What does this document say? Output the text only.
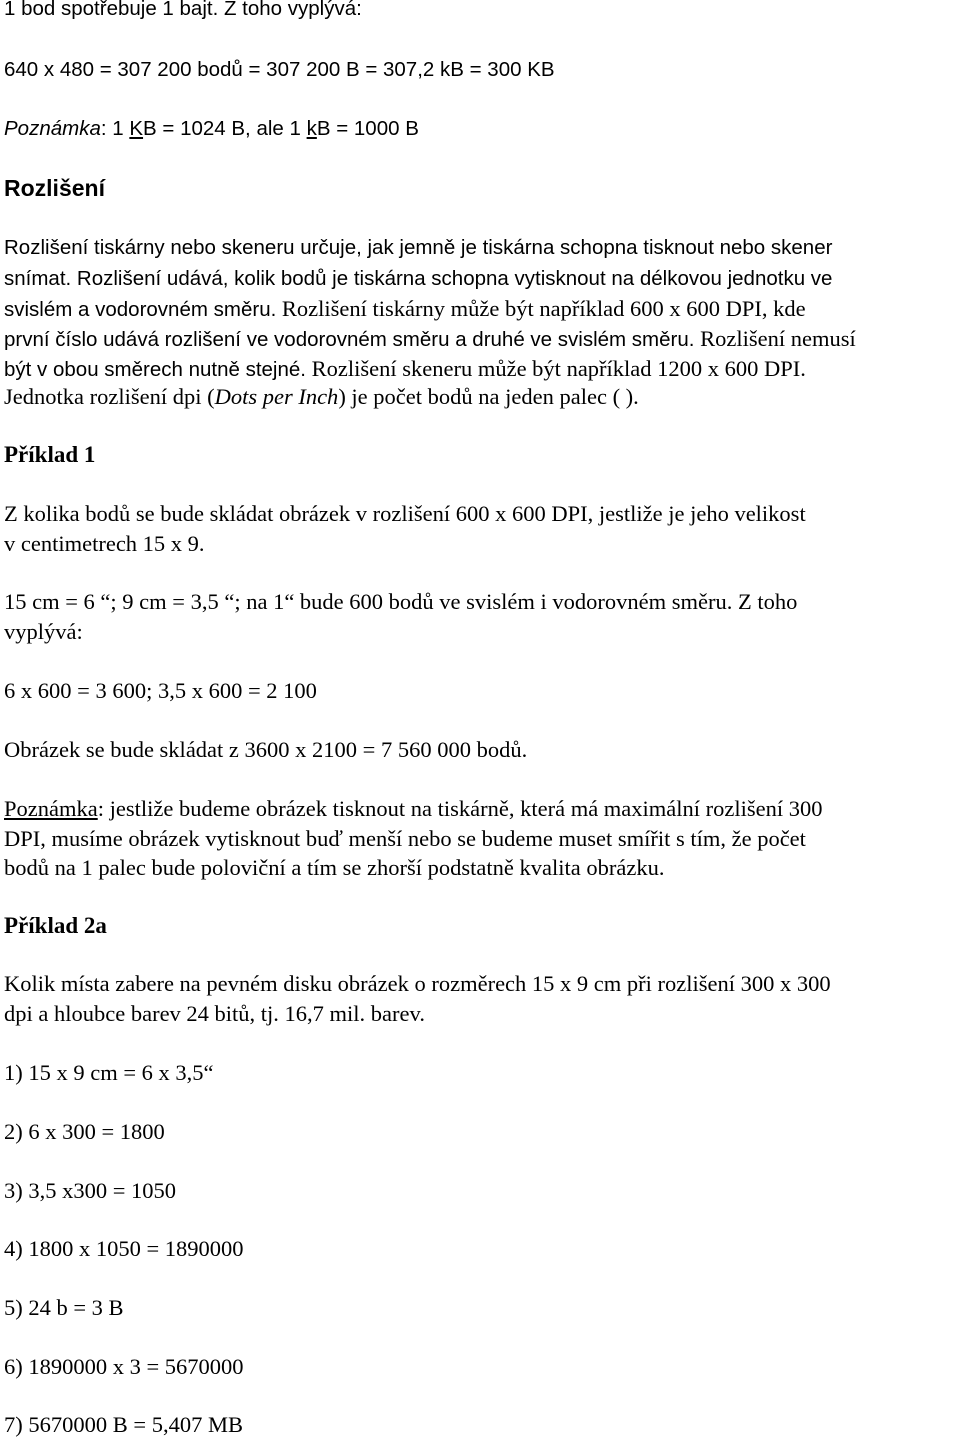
1 bod spotřebuje 1 bajt. Z toho vyplývá:
640 x 480 = 307 200 bodů = 307 200 B = 307,2 kB = 300 KB
Poznámka: 1 KB = 1024 B, ale 1 kB = 1000 B
Rozlišení
Rozlišení tiskárny nebo skeneru určuje, jak jemně je tiskárna schopna tisknout nebo skener
snímat. Rozlišení udává, kolik bodů je tiskárna schopna vytisknout na délkovou jednotku ve
svislém a vodorovném směru. Rozlišení tiskárny může být například 600 x 600 DPI, kde
první číslo udává rozlišení ve vodorovném směru a druhé ve svislém směru. Rozlišení nemusí
být v obou směrech nutně stejné. Rozlišení skeneru může být například 1200 x 600 DPI.
Jednotka rozlišení dpi (Dots per Inch) je počet bodů na jeden palec ( ).
Příklad 1
Z kolika bodů se bude skládat obrázek v rozlišení 600 x 600 DPI, jestliže je jeho velikost
v centimetrech 15 x 9.
15 cm = 6 “; 9 cm = 3,5 “; na 1“ bude 600 bodů ve svislém i vodorovném směru. Z toho
vyplývá:
6 x 600 = 3 600; 3,5 x 600 = 2 100
Obrázek se bude skládat z 3600 x 2100 = 7 560 000 bodů.
Poznámka: jestliže budeme obrázek tisknout na tiskárně, která má maximální rozlišení 300
DPI, musíme obrázek vytisknout buď menší nebo se budeme muset smířit s tím, že počet
bodů na 1 palec bude poloviční a tím se zhorší podstatně kvalita obrázku.
Příklad 2a
Kolik místa zabere na pevném disku obrázek o rozměrech 15 x 9 cm při rozlišení 300 x 300
dpi a hloubce barev 24 bitů, tj. 16,7 mil. barev.
1) 15 x 9 cm = 6 x 3,5“
2) 6 x 300 = 1800
3) 3,5 x300 = 1050
4) 1800 x 1050 = 1890000
5) 24 b = 3 B
6) 1890000 x 3 = 5670000
7) 5670000 B = 5,407 MB
